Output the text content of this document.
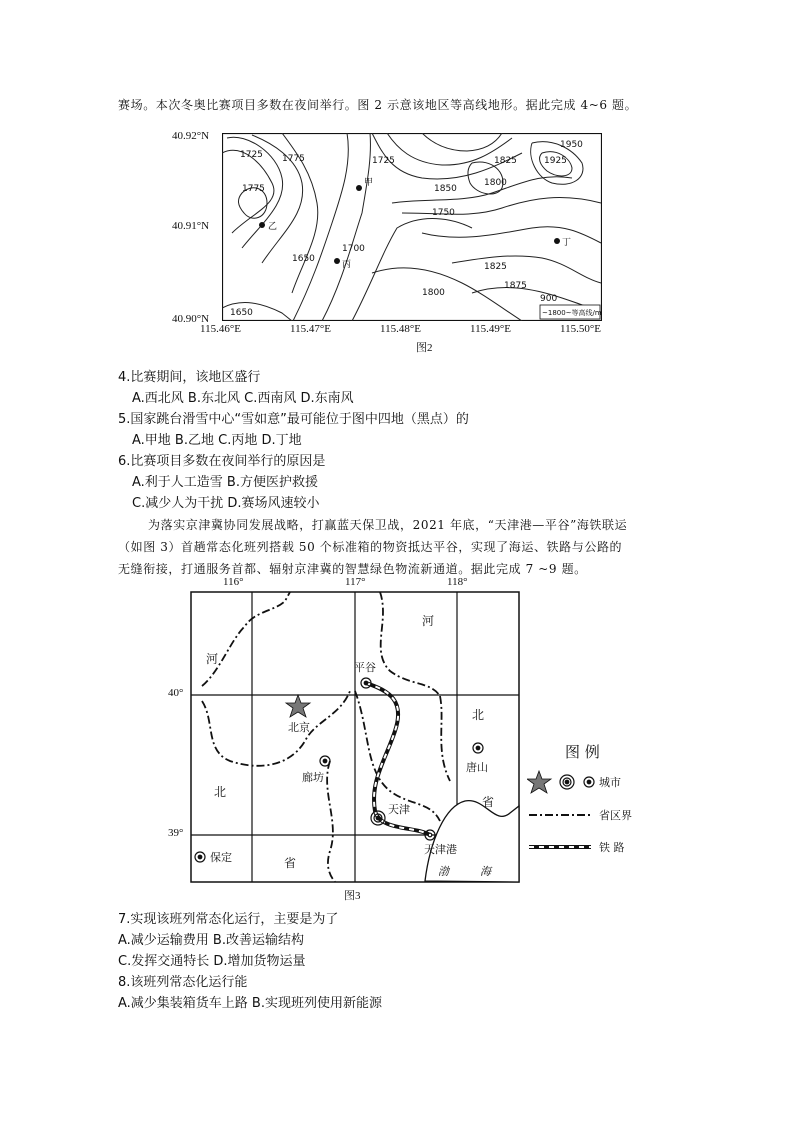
赛场。本次冬奥比赛项目多数在夜间举行。图 2 示意该地区等高线地形。据此完成 4~6 题。
40.92°N
40.91°N
40.90°N
1725 1775
1775
1725	1825
1950
1925
1850
1800
1750
1650
1700
1825
1875
1800
1650
900
甲
乙
丙
丁
~1800~等高线/m
115.46°E	115.47°E	115.48°E	115.49°E	115.50°E
图2
4.比赛期间，该地区盛行
A.西北风 B.东北风 C.西南风 D.东南风
5.国家跳台滑雪中心“雪如意”最可能位于图中四地（黑点）的
A.甲地 B.乙地 C.丙地 D.丁地
6.比赛项目多数在夜间举行的原因是
A.利于人工造雪 B.方便医护救援
C.减少人为干扰 D.赛场风速较小
为落实京津冀协同发展战略，打赢蓝天保卫战，2021 年底，“天津港—平谷”海铁联运
（如图 3）首趟常态化班列搭载 50 个标准箱的物资抵达平谷，实现了海运、铁路与公路的
无缝衔接，打通服务首都、辐射京津冀的智慧绿色物流新通道。据此完成 7 ~9 题。
116°	117°	118°
40°
39°
河
河
北
省
北
省
渤	海
北京
平谷
廊坊
天津
唐山
天津港
保定
图 例
城市
省区界
铁 路
图3
7.实现该班列常态化运行，主要是为了
A.减少运输费用 B.改善运输结构
C.发挥交通特长 D.增加货物运量
8.该班列常态化运行能
A.减少集装箱货车上路 B.实现班列使用新能源
